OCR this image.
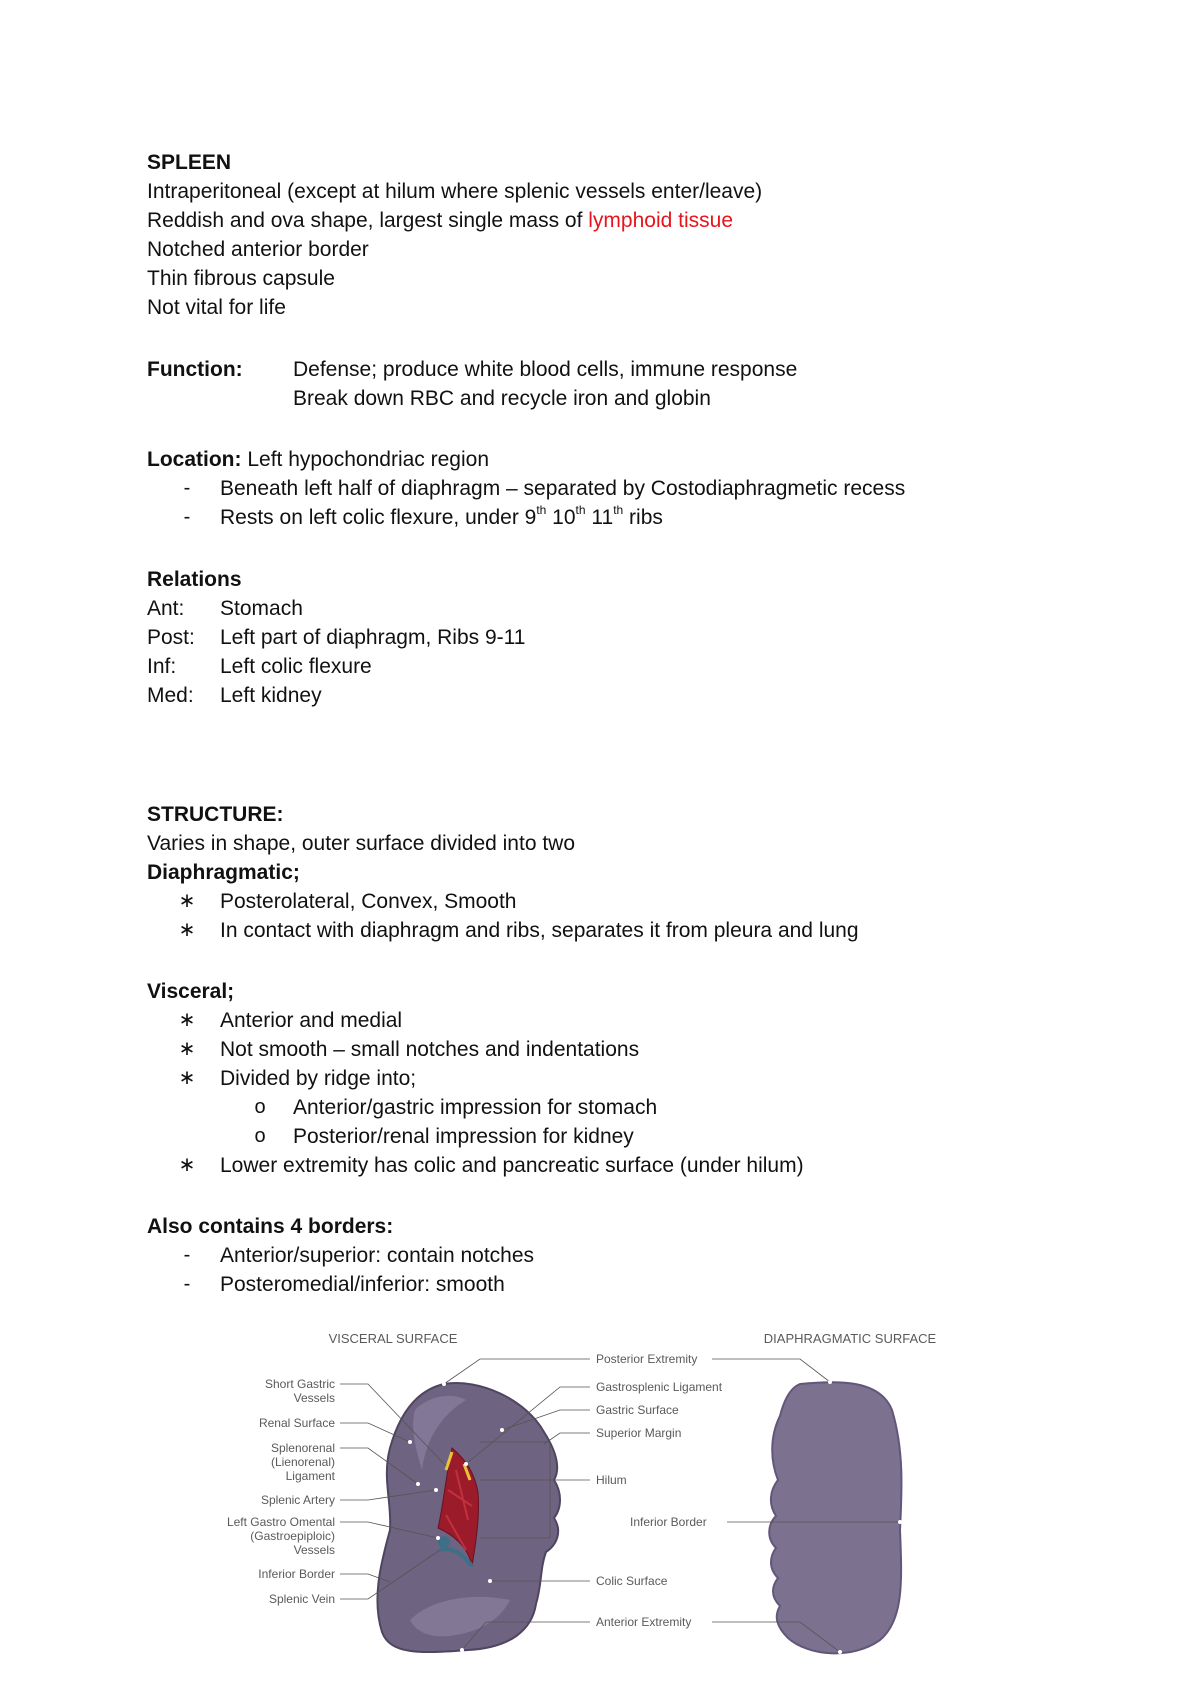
SPLEEN
Intraperitoneal (except at hilum where splenic vessels enter/leave)
Reddish and ova shape, largest single mass of lymphoid tissue
Notched anterior border
Thin fibrous capsule
Not vital for life
Function: Defense; produce white blood cells, immune response
Break down RBC and recycle iron and globin
Location: Left hypochondriac region
-	Beneath left half of diaphragm – separated by Costodiaphragmetic recess
-	Rests on left colic flexure, under 9th 10th 11th ribs
Relations
Ant: Stomach
Post: Left part of diaphragm, Ribs 9-11
Inf: Left colic flexure
Med: Left kidney
STRUCTURE:
Varies in shape, outer surface divided into two
Diaphragmatic;
∗ Posterolateral, Convex, Smooth
∗ In contact with diaphragm and ribs, separates it from pleura and lung
Visceral;
∗ Anterior and medial
∗ Not smooth – small notches and indentations
∗ Divided by ridge into;
o Anterior/gastric impression for stomach
o Posterior/renal impression for kidney
∗ Lower extremity has colic and pancreatic surface (under hilum)
Also contains 4 borders:
-	Anterior/superior: contain notches
-	Posteromedial/inferior: smooth
VISCERAL SURFACE	DIAPHRAGMATIC SURFACE
Short Gastric
Vessels
Renal Surface
Splenorenal
(Lienorenal)
Ligament
Splenic Artery
Left Gastro Omental
(Gastroepiploic)
Vessels
Inferior Border
Splenic Vein
Posterior Extremity
Gastrosplenic Ligament
Gastric Surface
Superior Margin
Hilum
Inferior Border
Colic Surface
Anterior Extremity
